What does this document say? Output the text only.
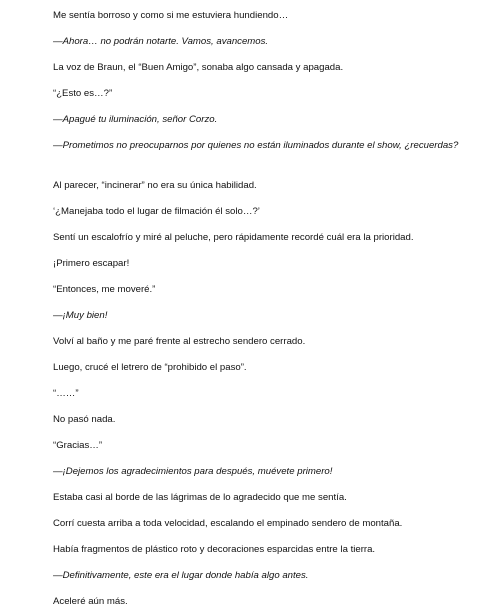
Me sentía borroso y como si me estuviera hundiendo…

—Ahora… no podrán notarte. Vamos, avancemos.

La voz de Braun, el “Buen Amigo”, sonaba algo cansada y apagada.

“¿Esto es…?”

—Apagué tu iluminación, señor Corzo.

—Prometimos no preocuparnos por quienes no están iluminados durante el show, ¿recuerdas?

Al parecer, “incinerar” no era su única habilidad.

‘¿Manejaba todo el lugar de filmación él solo…?’

Sentí un escalofrío y miré al peluche, pero rápidamente recordé cuál era la prioridad.

¡Primero escapar!

“Entonces, me moveré.”

—¡Muy bien!

Volví al baño y me paré frente al estrecho sendero cerrado.

Luego, crucé el letrero de “prohibido el paso”.

“……”

No pasó nada.

“Gracias…”

—¡Dejemos los agradecimientos para después, muévete primero!

Estaba casi al borde de las lágrimas de lo agradecido que me sentía.

Corrí cuesta arriba a toda velocidad, escalando el empinado sendero de montaña.

Había fragmentos de plástico roto y decoraciones esparcidas entre la tierra.

—Definitivamente, este era el lugar donde había algo antes.

Aceleré aún más.
